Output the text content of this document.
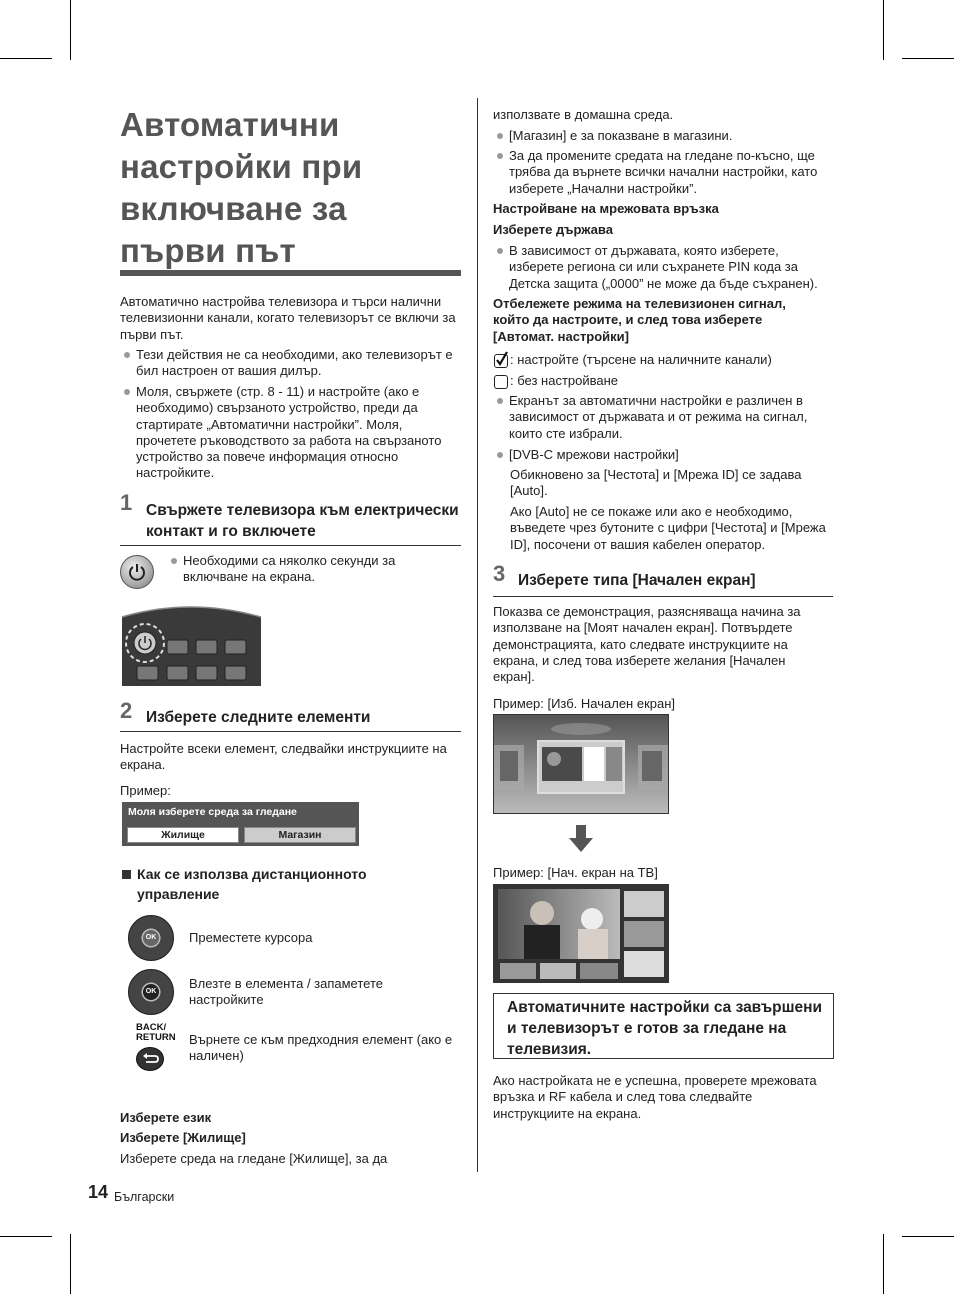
Автоматични
настройки при
включване за
първи път
Автоматично настройва телевизора и търси налични телевизионни канали, когато телевизорът се включи за първи път.
Тези действия не са необходими, ако телевизорът е бил настроен от вашия дилър.
Моля, свържете (стр. 8 - 11) и настройте (ако е необходимо) свързаното устройство, преди да стартирате „Автоматични настройки”. Моля, прочетете ръководството за работа на свързаното устройство за повече информация относно настройките.
1 Свържете телевизора към електрически контакт и го включете
Необходими са няколко секунди за включване на екрана.
2 Изберете следните елементи
Настройте всеки елемент, следвайки инструкциите на екрана.
Пример:
Моля изберете среда за гледане
Жилище	Магазин
Как се използва дистанционното управление
OK	Преместете курсора
OK
Влезте в елемента / запаметете настройките
BACK/
RETURN Върнете се към предходния елемент (ако е наличен)
Изберете език
Изберете [Жилище]
Изберете среда на гледане [Жилище], за да
използвате в домашна среда.
[Магазин] е за показване в магазини.
За да промените средата на гледане по-късно, ще трябва да върнете всички начални настройки, като изберете „Начални настройки”.
Настройване на мрежовата връзка
Изберете държава
В зависимост от държавата, която изберете, изберете региона си или съхранете PIN кода за Детска защита („0000” не може да бъде съхранен).
Отбележете режима на телевизионен сигнал, който да настроите, и след това изберете [Автомат. настройки]
: настройте (търсене на наличните канали)
: без настройване
Екранът за автоматични настройки е различен в зависимост от държавата и от режима на сигнал, които сте избрали.
[DVB-C мрежови настройки]
Обикновено за [Честота] и [Мрежа ID] се задава [Auto].
Ако [Auto] не се покаже или ако е необходимо, въведете чрез бутоните с цифри [Честота] и [Мрежа ID], посочени от вашия кабелен оператор.
3 Изберете типа [Начален екран]
Показва се демонстрация, разясняваща начина за използване на [Моят начален екран]. Потвърдете демонстрацията, като следвате инструкциите на екрана, и след това изберете желания [Начален екран].
Пример: [Изб. Начален екран]
Пример: [Нач. екран на ТВ]
Автоматичните настройки са завършени и телевизорът е готов за гледане на телевизия.
Ако настройката не е успешна, проверете мрежовата връзка и RF кабела и след това следвайте инструкциите на екрана.
14 Български
